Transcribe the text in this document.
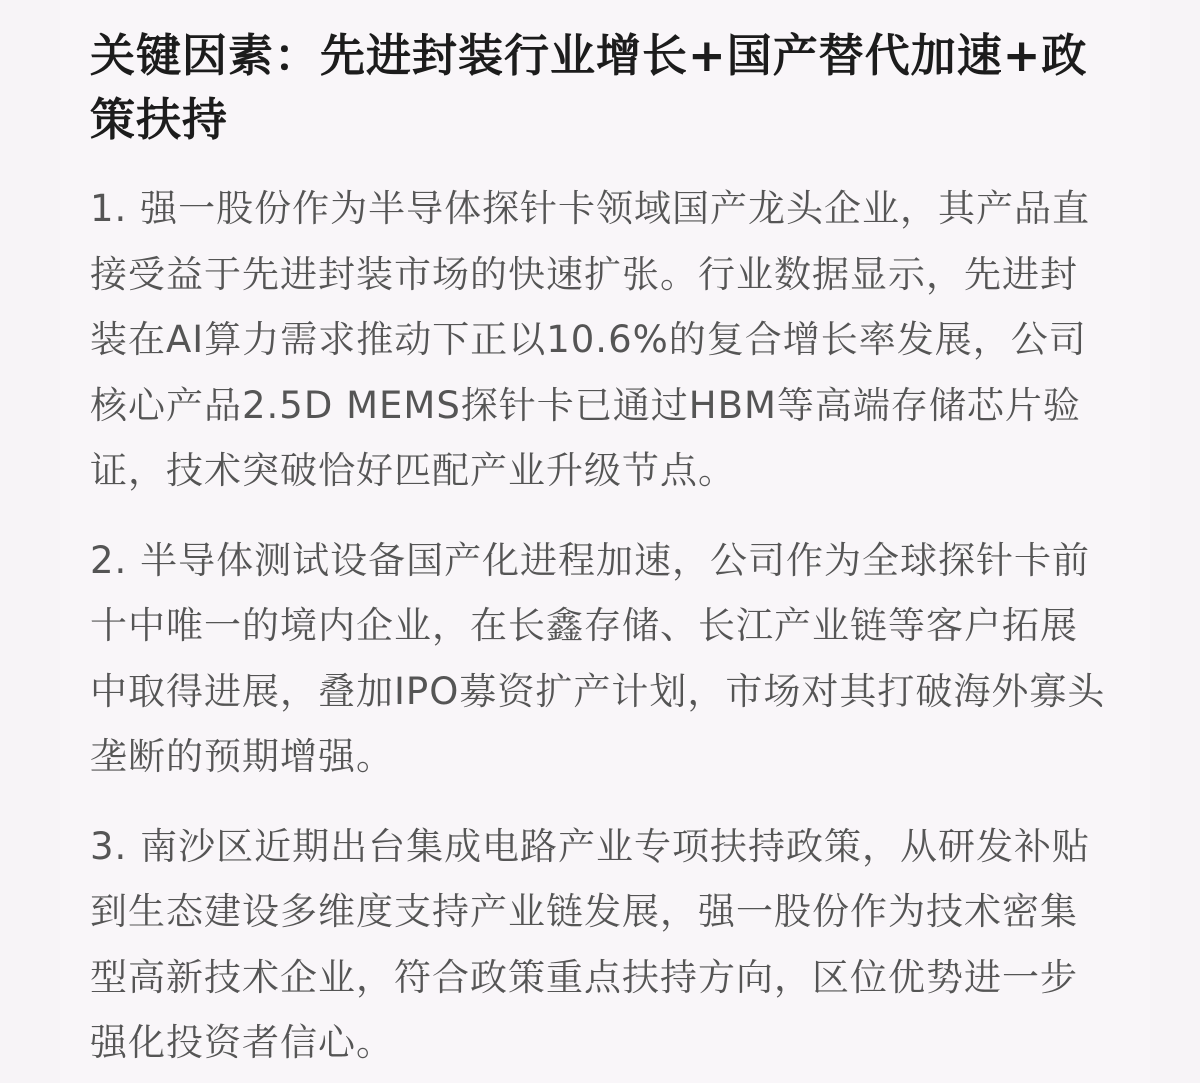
关键因素：先进封装行业增长+国产替代加速+政策扶持

1. 强一股份作为半导体探针卡领域国产龙头企业，其产品直接受益于先进封装市场的快速扩张。行业数据显示，先进封装在AI算力需求推动下正以10.6%的复合增长率发展，公司核心产品2.5D MEMS探针卡已通过HBM等高端存储芯片验证，技术突破恰好匹配产业升级节点。

2. 半导体测试设备国产化进程加速，公司作为全球探针卡前十中唯一的境内企业，在长鑫存储、长江产业链等客户拓展中取得进展，叠加IPO募资扩产计划，市场对其打破海外寡头垄断的预期增强。

3. 南沙区近期出台集成电路产业专项扶持政策，从研发补贴到生态建设多维度支持产业链发展，强一股份作为技术密集型高新技术企业，符合政策重点扶持方向，区位优势进一步强化投资者信心。
